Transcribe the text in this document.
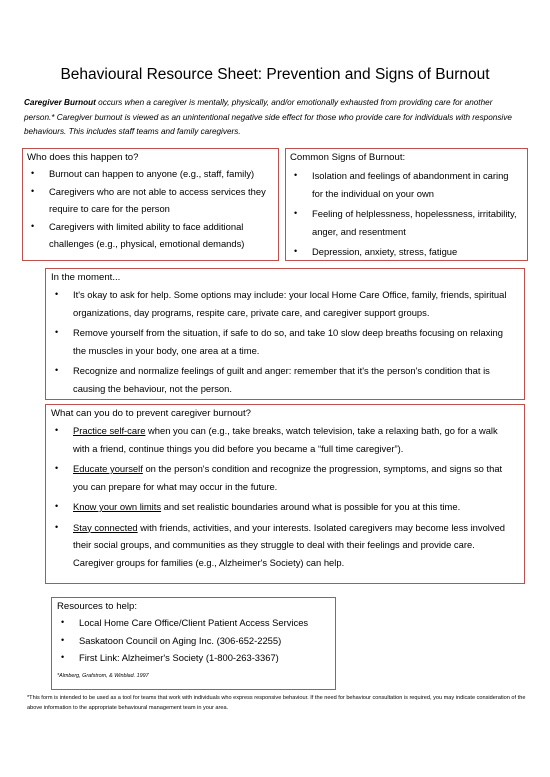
Behavioural Resource Sheet: Prevention and Signs of Burnout
Caregiver Burnout occurs when a caregiver is mentally, physically, and/or emotionally exhausted from providing care for another person.* Caregiver burnout is viewed as an unintentional negative side effect for those who provide care for individuals with responsive behaviours. This includes staff teams and family caregivers.
Who does this happen to?
• Burnout can happen to anyone (e.g., staff, family)
• Caregivers who are not able to access services they require to care for the person
• Caregivers with limited ability to face additional challenges (e.g., physical, emotional demands)
Common Signs of Burnout:
• Isolation and feelings of abandonment in caring for the individual on your own
• Feeling of helplessness, hopelessness, irritability, anger, and resentment
• Depression, anxiety, stress, fatigue
In the moment...
• It's okay to ask for help. Some options may include: your local Home Care Office, family, friends, spiritual organizations, day programs, respite care, private care, and caregiver support groups.
• Remove yourself from the situation, if safe to do so, and take 10 slow deep breaths focusing on relaxing the muscles in your body, one area at a time.
• Recognize and normalize feelings of guilt and anger: remember that it's the person's condition that is causing the behaviour, not the person.
What can you do to prevent caregiver burnout?
• Practice self-care when you can (e.g., take breaks, watch television, take a relaxing bath, go for a walk with a friend, continue things you did before you became a “full time caregiver”).
• Educate yourself on the person's condition and recognize the progression, symptoms, and signs so that you can prepare for what may occur in the future.
• Know your own limits and set realistic boundaries around what is possible for you at this time.
• Stay connected with friends, activities, and your interests. Isolated caregivers may become less involved their social groups, and communities as they struggle to deal with their feelings and provide care. Caregiver groups for families (e.g., Alzheimer's Society) can help.
Resources to help:
• Local Home Care Office/Client Patient Access Services
• Saskatoon Council on Aging Inc. (306-652-2255)
• First Link: Alzheimer's Society (1-800-263-3367)
*Almberg, Grafstrom, & Winblad. 1997
*This form is intended to be used as a tool for teams that work with individuals who express responsive behaviour. If the need for behaviour consultation is required, you may indicate consideration of the above information to the appropriate behavioural management team in your area.
